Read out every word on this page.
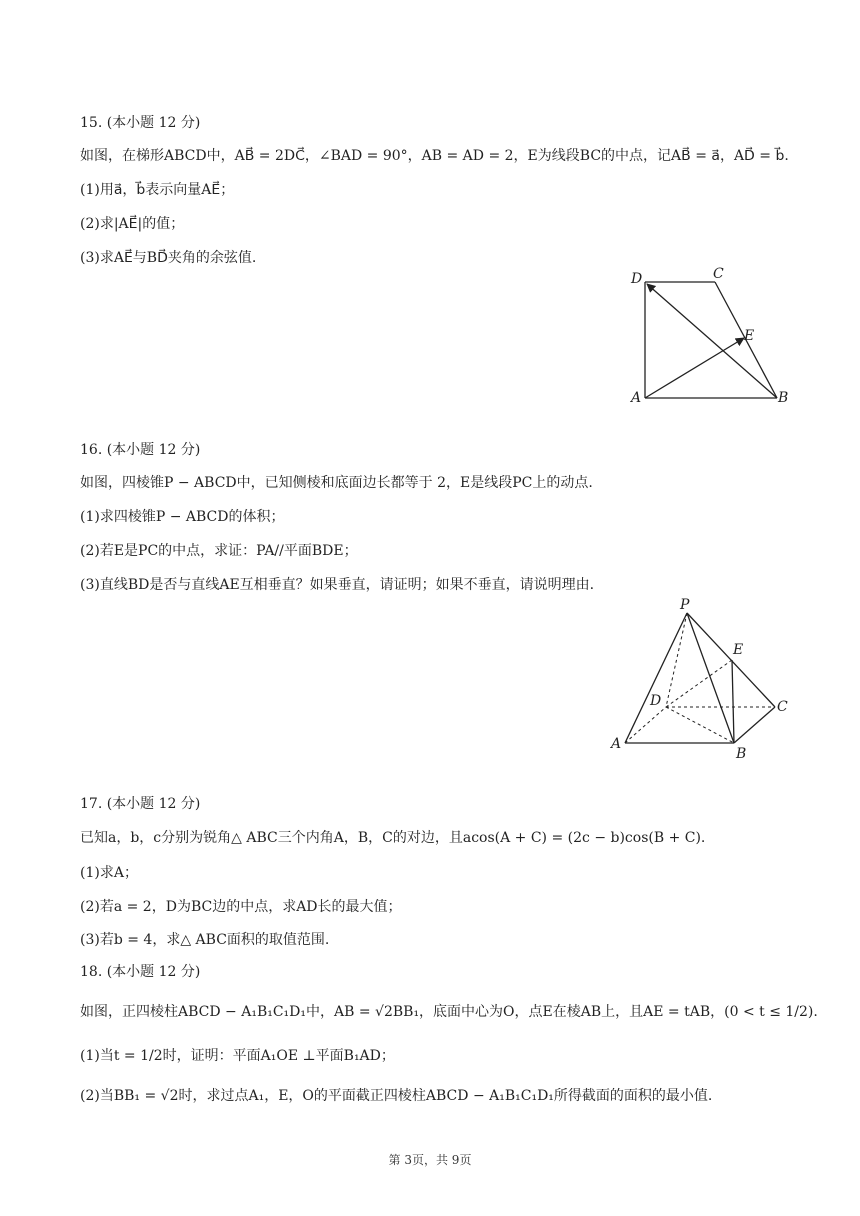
15. (本小题 12 分)
如图，在梯形ABCD中，AB⃗ = 2DC⃗，∠BAD = 90°，AB = AD = 2，E为线段BC的中点，记AB⃗ = a⃗，AD⃗ = b⃗.
(1)用a⃗，b⃗表示向量AE⃗；
(2)求|AE⃗|的值；
(3)求AE⃗与BD⃗夹角的余弦值.
D	C
E
A	B
16. (本小题 12 分)
如图，四棱锥P − ABCD中，已知侧棱和底面边长都等于 2，E是线段PC上的动点.
(1)求四棱锥P − ABCD的体积；
(2)若E是PC的中点，求证：PA//平面BDE；
(3)直线BD是否与直线AE互相垂直？如果垂直，请证明；如果不垂直，请说明理由.
P
E
D	C
A
B
17. (本小题 12 分)
已知a，b，c分别为锐角△ ABC三个内角A，B，C的对边，且acos(A + C) = (2c − b)cos(B + C).
(1)求A；
(2)若a = 2，D为BC边的中点，求AD长的最大值；
(3)若b = 4，求△ ABC面积的取值范围.
18. (本小题 12 分)
如图，正四棱柱ABCD − A₁B₁C₁D₁中，AB = √2BB₁，底面中心为O，点E在棱AB上，且AE = tAB，(0 < t ≤ 1/2).
(1)当t = 1/2时，证明：平面A₁OE ⊥平面B₁AD；
(2)当BB₁ = √2时，求过点A₁，E，O的平面截正四棱柱ABCD − A₁B₁C₁D₁所得截面的面积的最小值.
第 3页，共 9页
